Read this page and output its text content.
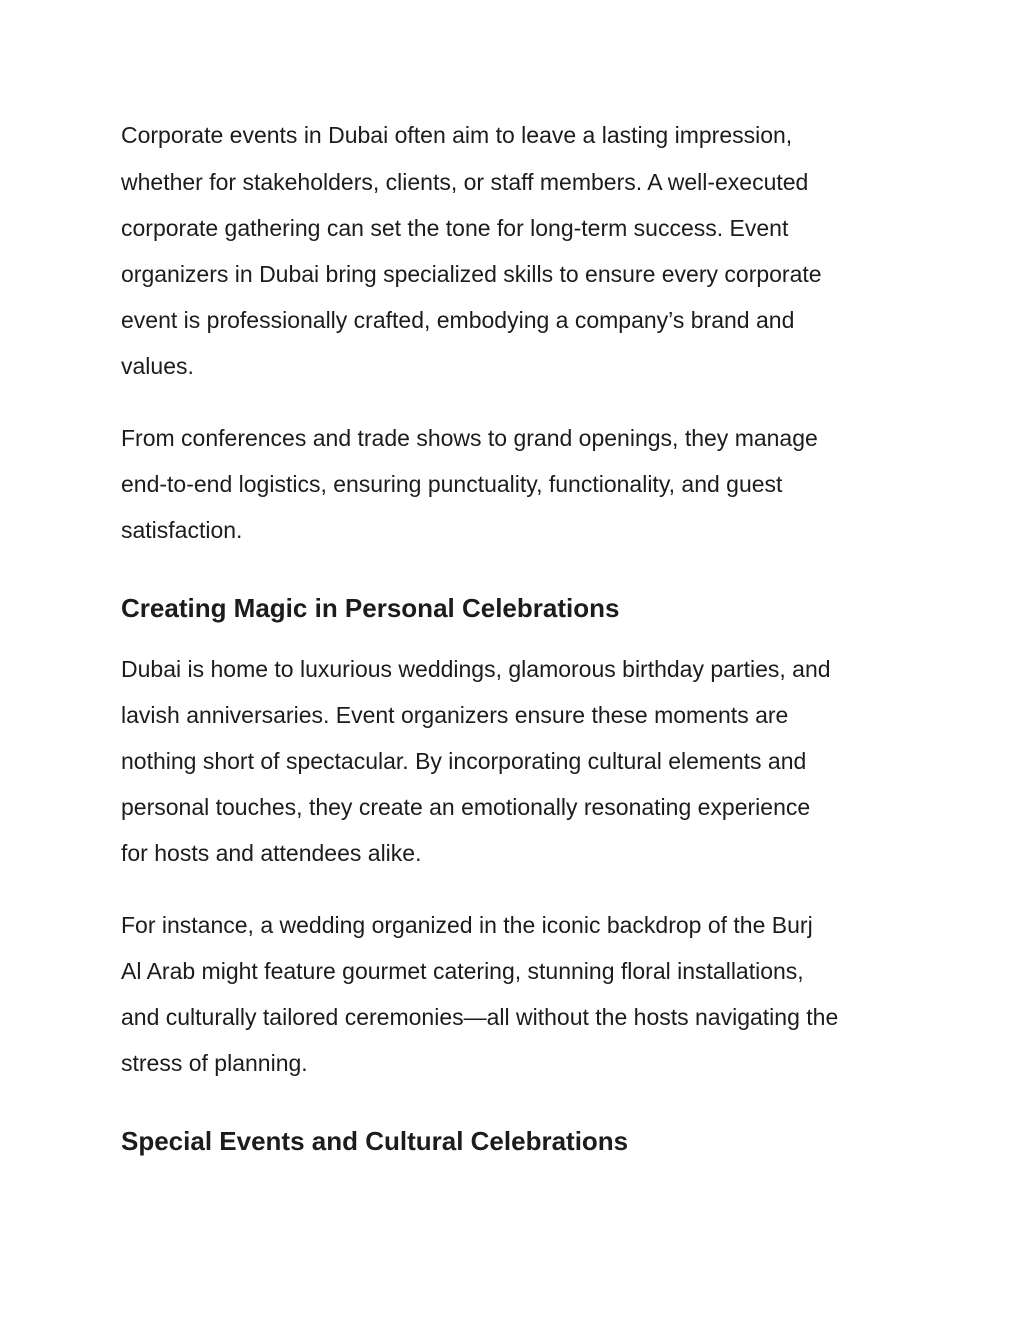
Corporate events in Dubai often aim to leave a lasting impression,
whether for stakeholders, clients, or staff members. A well-executed
corporate gathering can set the tone for long-term success. Event
organizers in Dubai bring specialized skills to ensure every corporate
event is professionally crafted, embodying a company’s brand and
values.
From conferences and trade shows to grand openings, they manage
end-to-end logistics, ensuring punctuality, functionality, and guest
satisfaction.
Creating Magic in Personal Celebrations
Dubai is home to luxurious weddings, glamorous birthday parties, and
lavish anniversaries. Event organizers ensure these moments are
nothing short of spectacular. By incorporating cultural elements and
personal touches, they create an emotionally resonating experience
for hosts and attendees alike.
For instance, a wedding organized in the iconic backdrop of the Burj
Al Arab might feature gourmet catering, stunning floral installations,
and culturally tailored ceremonies—all without the hosts navigating the
stress of planning.
Special Events and Cultural Celebrations
